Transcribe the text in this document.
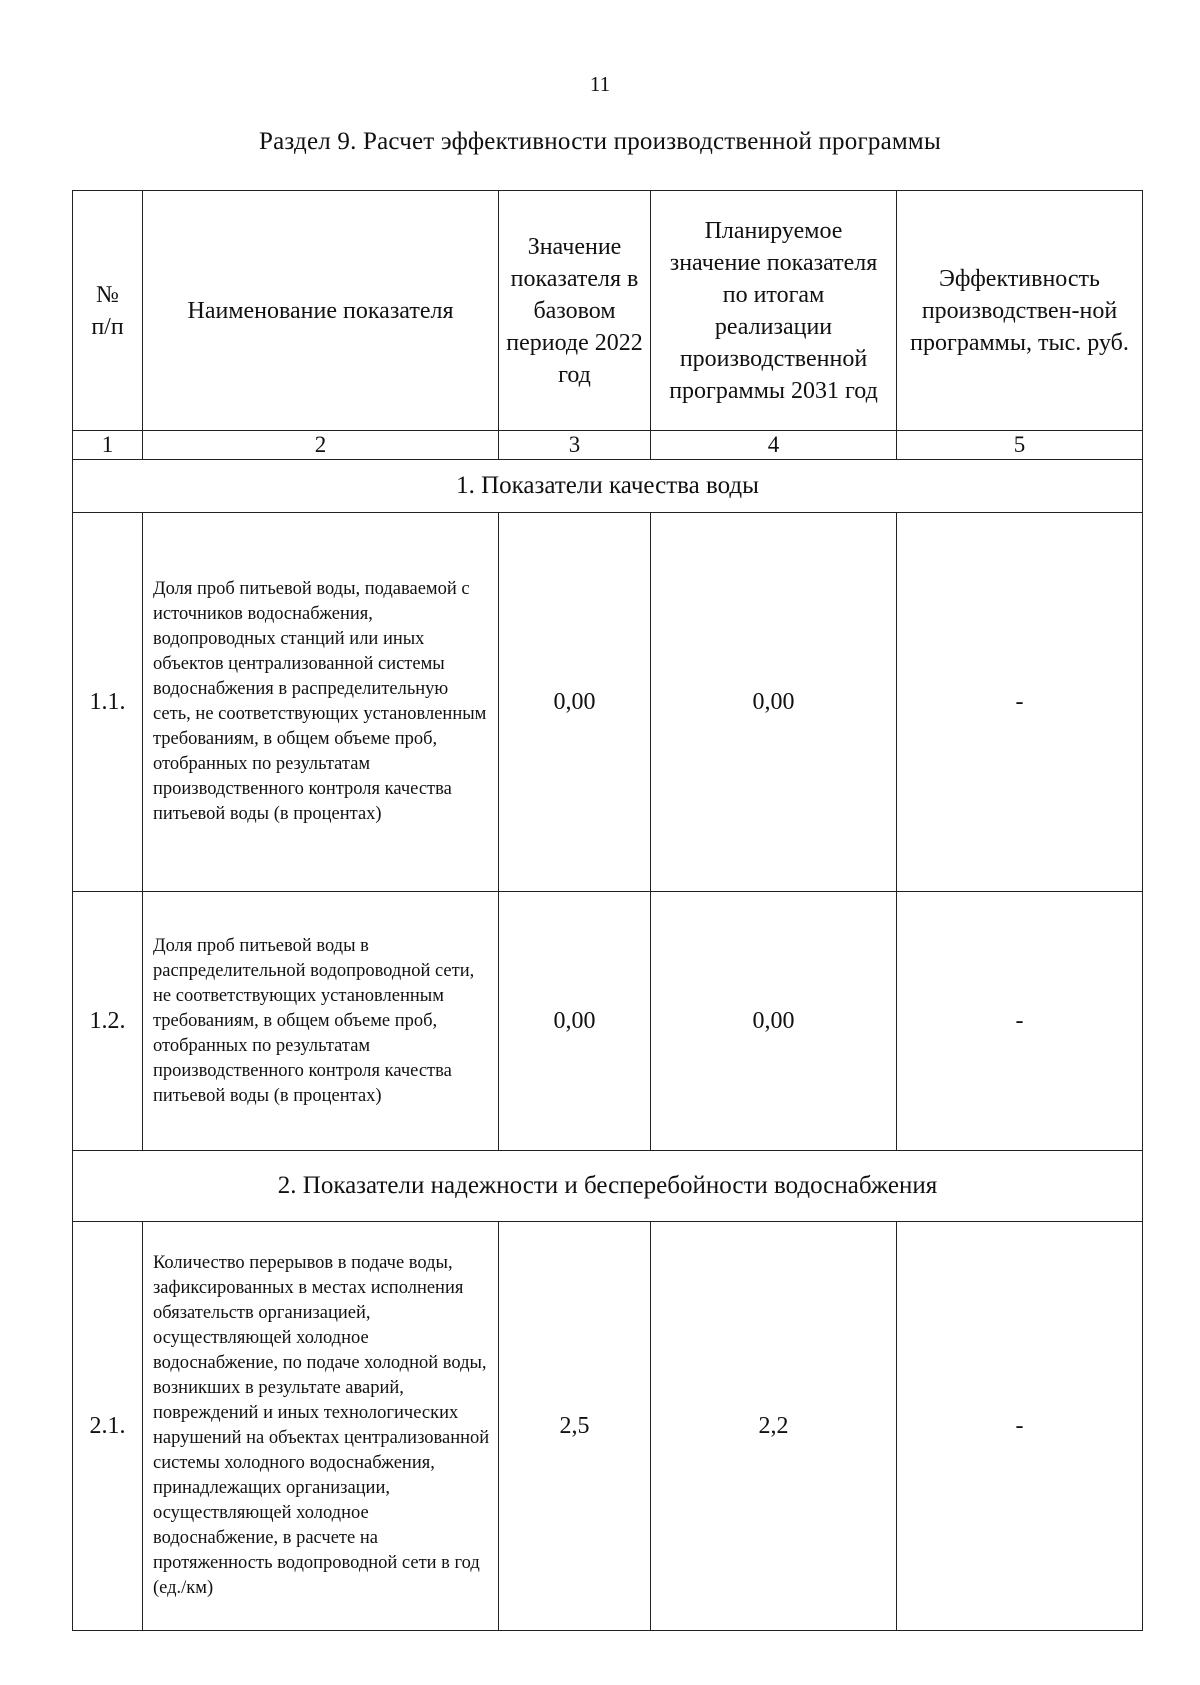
11
Раздел 9. Расчет эффективности производственной программы
№ п/п	Наименование показателя	Значение показателя в базовом периоде 2022 год	Планируемое значение показателя по итогам реализации производственной программы 2031 год	Эффективность производствен-ной программы, тыс. руб.
1	2	3	4	5
1. Показатели качества воды				
1.1.	Доля проб питьевой воды, подаваемой с источников водоснабжения, водопроводных станций или иных объектов централизованной системы водоснабжения в распределительную сеть, не соответствующих установленным требованиям, в общем объеме проб, отобранных по результатам производственного контроля качества питьевой воды (в процентах)	0,00	0,00	-
1.2.	Доля проб питьевой воды в распределительной водопроводной сети, не соответствующих установленным требованиям, в общем объеме проб, отобранных по результатам производственного контроля качества питьевой воды (в процентах)	0,00	0,00	-
2. Показатели надежности и бесперебойности водоснабжения				
2.1.	Количество перерывов в подаче воды, зафиксированных в местах исполнения обязательств организацией, осуществляющей холодное водоснабжение, по подаче холодной воды, возникших в результате аварий, повреждений и иных технологических нарушений на объектах централизованной системы холодного водоснабжения, принадлежащих организации, осуществляющей холодное водоснабжение, в расчете на протяженность водопроводной сети в год (ед./км)	2,5	2,2	-
